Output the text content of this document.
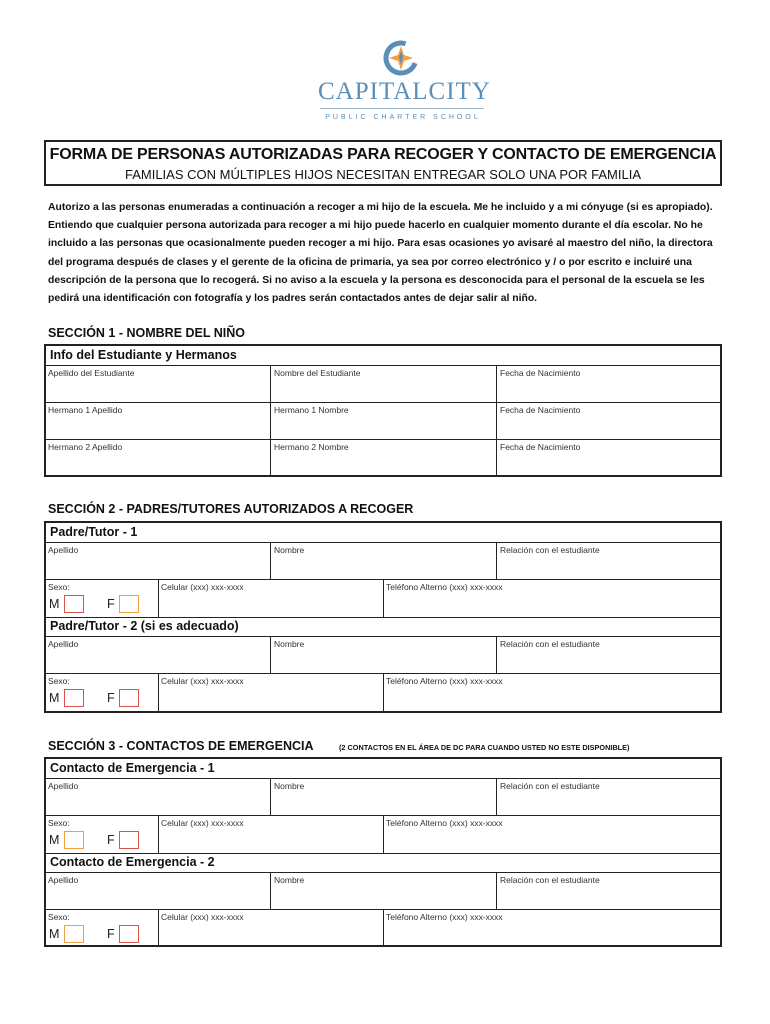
CAPITALCITY
PUBLIC CHARTER SCHOOL
FORMA DE PERSONAS AUTORIZADAS PARA RECOGER Y CONTACTO DE EMERGENCIA
FAMILIAS CON MÚLTIPLES HIJOS NECESITAN ENTREGAR SOLO UNA POR FAMILIA
Autorizo a las personas enumeradas a continuación a recoger a mi hijo de la escuela. Me he incluido y a mi cónyuge (si es apropiado). Entiendo que cualquier persona autorizada para recoger a mi hijo puede hacerlo en cualquier momento durante el día escolar. No he incluido a las personas que ocasionalmente pueden recoger a mi hijo. Para esas ocasiones yo avisaré al maestro del niño, la directora del programa después de clases y el gerente de la oficina de primaria, ya sea por correo electrónico y / o por escrito e incluiré una descripción de la persona que lo recogerá. Si no aviso a la escuela y la persona es desconocida para el personal de la escuela se les pedirá una identificación con fotografía y los padres serán contactados antes de dejar salir al niño.
SECCIÓN 1 - NOMBRE DEL NIÑO
Info del Estudiante y Hermanos
Apellido del Estudiante	Nombre del Estudiante	Fecha de Nacimiento
Hermano 1 Apellido	Hermano 1 Nombre	Fecha de Nacimiento
Hermano 2 Apellido	Hermano 2 Nombre	Fecha de Nacimiento
SECCIÓN 2 - PADRES/TUTORES AUTORIZADOS A RECOGER
Padre/Tutor - 1
Apellido	Nombre	Relación con el estudiante
Sexo:
M	F
Celular (xxx) xxx-xxxx	Teléfono Alterno (xxx) xxx-xxxx
Padre/Tutor - 2 (si es adecuado)
Apellido	Nombre	Relación con el estudiante
Sexo:
M	F
Celular (xxx) xxx-xxxx	Teléfono Alterno (xxx) xxx-xxxx
SECCIÓN 3 - CONTACTOS DE EMERGENCIA	(2 CONTACTOS EN EL ÁREA DE DC PARA CUANDO USTED NO ESTE DISPONIBLE)
Contacto de Emergencia - 1
Apellido	Nombre	Relación con el estudiante
Sexo:
M	F
Celular (xxx) xxx-xxxx	Teléfono Alterno (xxx) xxx-xxxx
Contacto de Emergencia - 2
Apellido	Nombre	Relación con el estudiante
Sexo:
M	F
Celular (xxx) xxx-xxxx	Teléfono Alterno (xxx) xxx-xxxx
